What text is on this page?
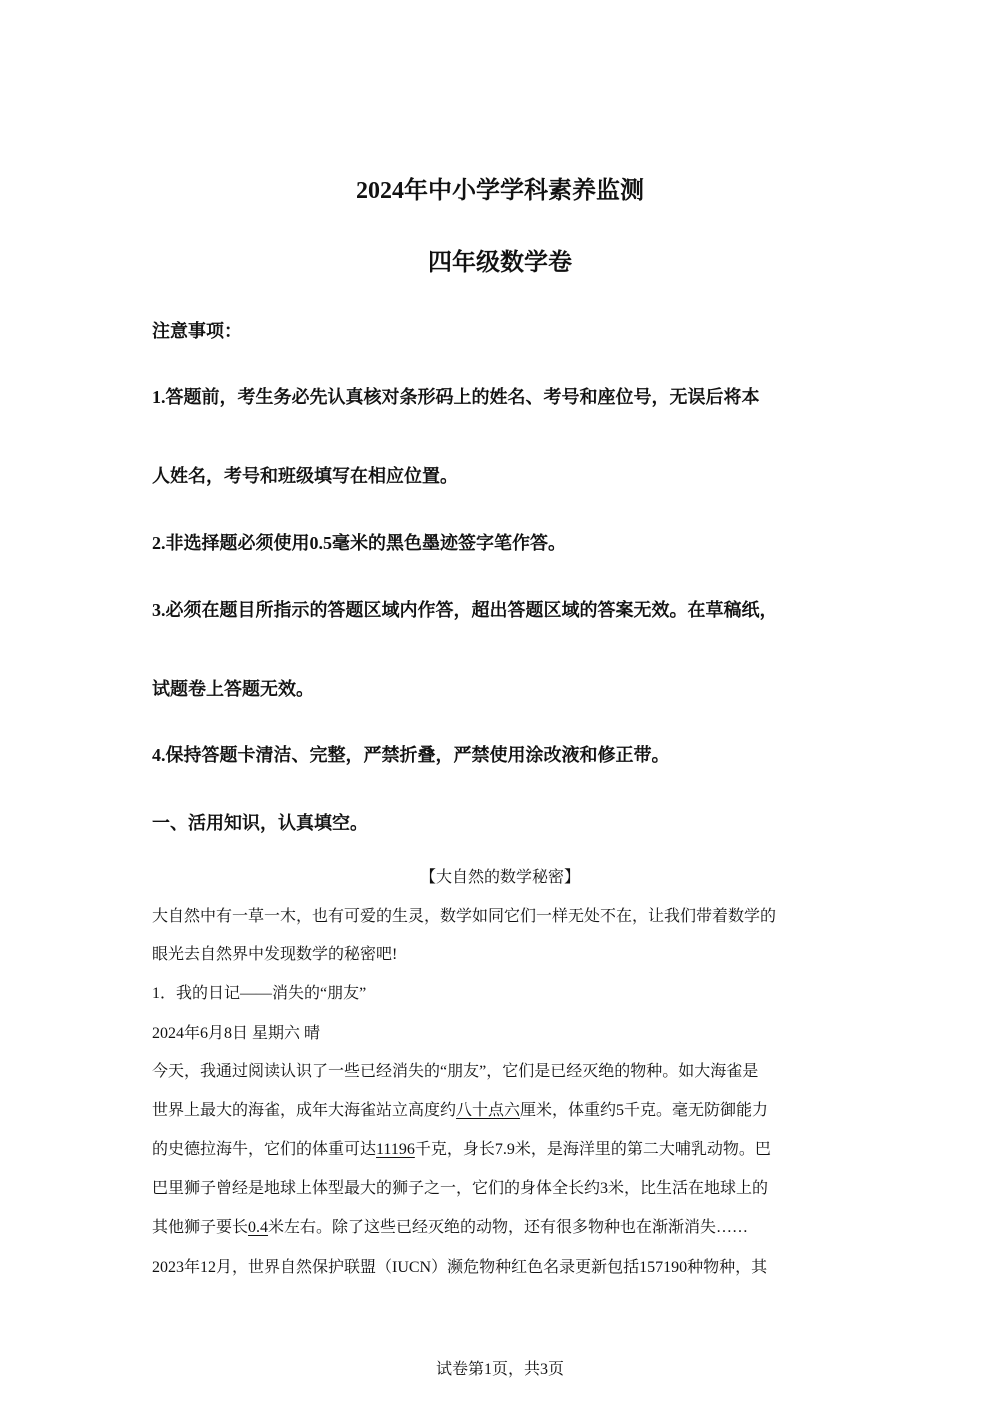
2024年中小学学科素养监测
四年级数学卷
注意事项：
1.答题前，考生务必先认真核对条形码上的姓名、考号和座位号，无误后将本
人姓名，考号和班级填写在相应位置。
2.非选择题必须使用0.5毫米的黑色墨迹签字笔作答。
3.必须在题目所指示的答题区域内作答，超出答题区域的答案无效。在草稿纸，
试题卷上答题无效。
4.保持答题卡清洁、完整，严禁折叠，严禁使用涂改液和修正带。
一、活用知识，认真填空。
【大自然的数学秘密】
大自然中有一草一木，也有可爱的生灵，数学如同它们一样无处不在，让我们带着数学的
眼光去自然界中发现数学的秘密吧!
1．我的日记——消失的“朋友”
2024年6月8日 星期六 晴
今天，我通过阅读认识了一些已经消失的“朋友”，它们是已经灭绝的物种。如大海雀是
世界上最大的海雀，成年大海雀站立高度约八十点六厘米，体重约5千克。毫无防御能力
的史德拉海牛，它们的体重可达11196千克，身长7.9米，是海洋里的第二大哺乳动物。巴
巴里狮子曾经是地球上体型最大的狮子之一，它们的身体全长约3米，比生活在地球上的
其他狮子要长0.4米左右。除了这些已经灭绝的动物，还有很多物种也在渐渐消失……
2023年12月，世界自然保护联盟（IUCN）濒危物种红色名录更新包括157190种物种，其
试卷第1页，共3页
